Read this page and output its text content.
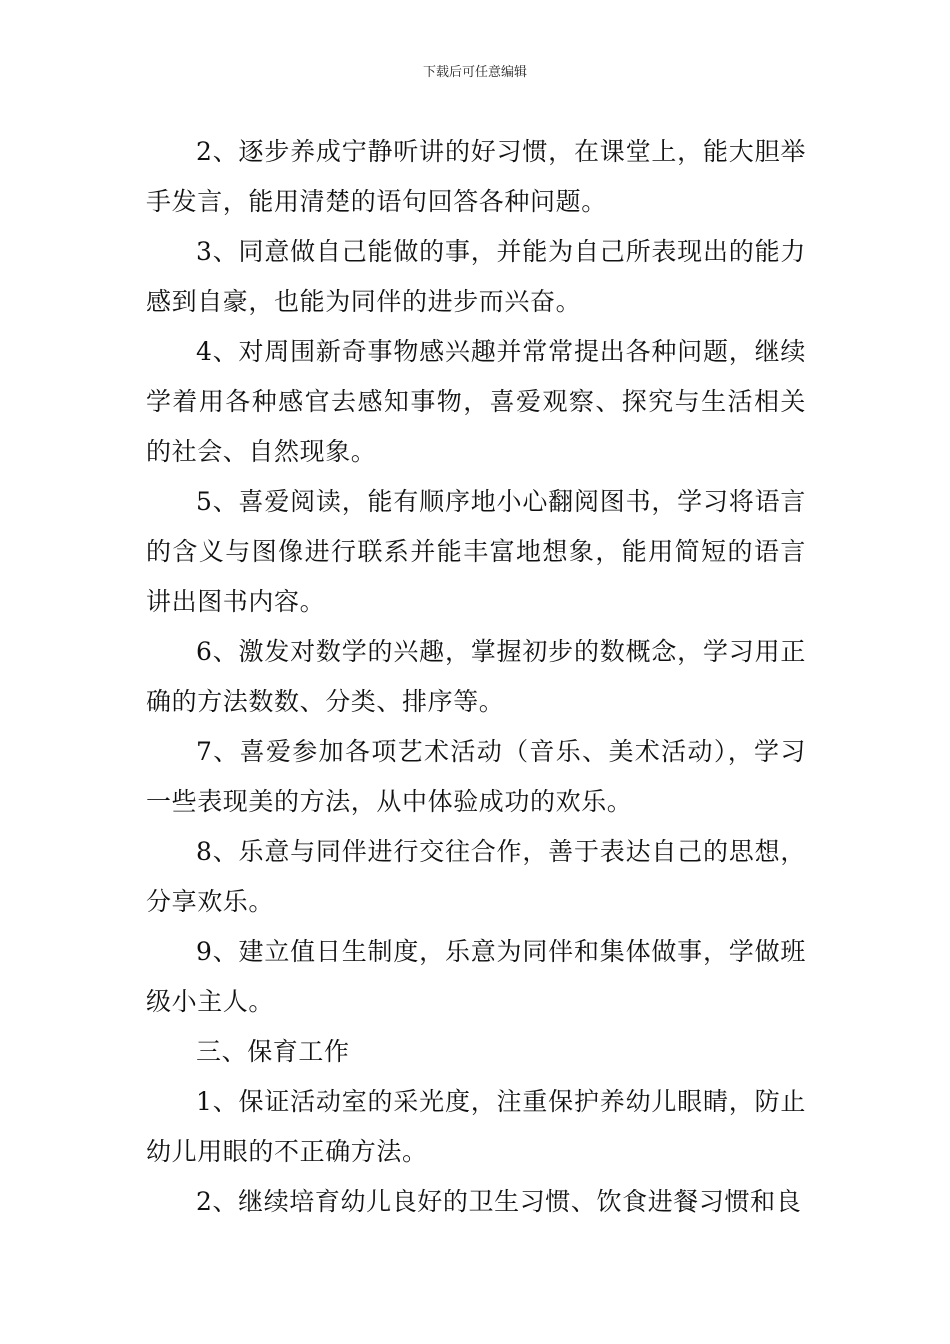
下载后可任意编辑

2、逐步养成宁静听讲的好习惯，在课堂上，能大胆举手发言，能用清楚的语句回答各种问题。

3、同意做自己能做的事，并能为自己所表现出的能力感到自豪，也能为同伴的进步而兴奋。

4、对周围新奇事物感兴趣并常常提出各种问题，继续学着用各种感官去感知事物，喜爱观察、探究与生活相关的社会、自然现象。

5、喜爱阅读，能有顺序地小心翻阅图书，学习将语言的含义与图像进行联系并能丰富地想象，能用简短的语言讲出图书内容。

6、激发对数学的兴趣，掌握初步的数概念，学习用正确的方法数数、分类、排序等。

7、喜爱参加各项艺术活动（音乐、美术活动），学习一些表现美的方法，从中体验成功的欢乐。

8、乐意与同伴进行交往合作，善于表达自己的思想，分享欢乐。

9、建立值日生制度，乐意为同伴和集体做事，学做班级小主人。

三、保育工作

1、保证活动室的采光度，注重保护养幼儿眼睛，防止幼儿用眼的不正确方法。

2、继续培育幼儿良好的卫生习惯、饮食进餐习惯和良
